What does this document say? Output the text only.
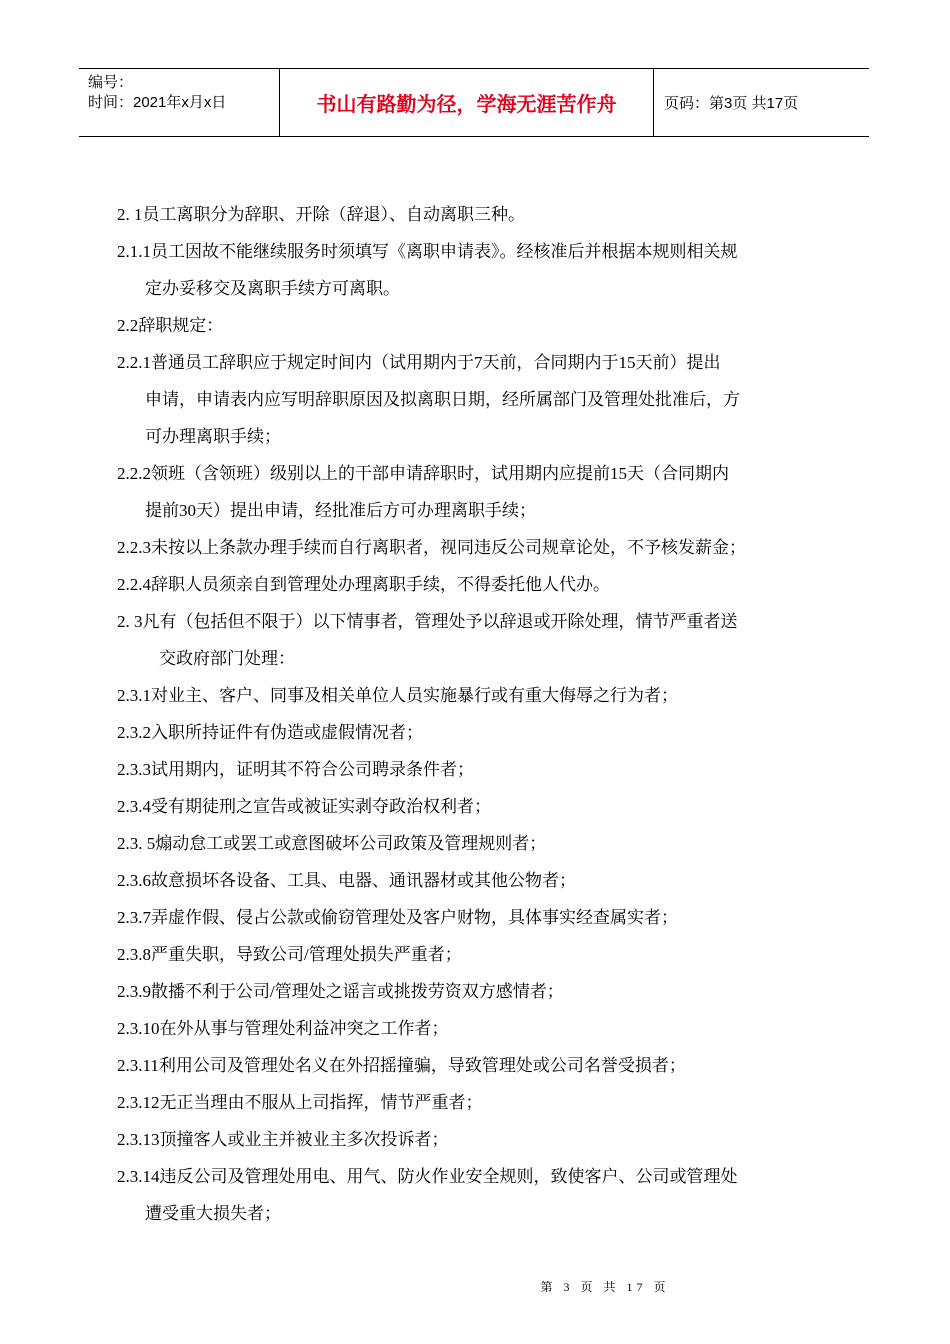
编号：
时间：2021年x月x日	书山有路勤为径，学海无涯苦作舟	页码：第3页 共17页
2. 1员工离职分为辞职、开除（辞退）、自动离职三种。
2.1.1员工因故不能继续服务时须填写《离职申请表》。经核准后并根据本规则相关规
定办妥移交及离职手续方可离职。
2.2辞职规定：
2.2.1普通员工辞职应于规定时间内（试用期内于7天前，合同期内于15天前）提出
申请，申请表内应写明辞职原因及拟离职日期，经所属部门及管理处批准后，方
可办理离职手续；
2.2.2领班（含领班）级别以上的干部申请辞职时，试用期内应提前15天（合同期内
提前30天）提出申请，经批准后方可办理离职手续；
2.2.3未按以上条款办理手续而自行离职者，视同违反公司规章论处，不予核发薪金；
2.2.4辞职人员须亲自到管理处办理离职手续，不得委托他人代办。
2. 3凡有（包括但不限于）以下情事者，管理处予以辞退或开除处理，情节严重者送
交政府部门处理：
2.3.1对业主、客户、同事及相关单位人员实施暴行或有重大侮辱之行为者；
2.3.2入职所持证件有伪造或虚假情况者；
2.3.3试用期内，证明其不符合公司聘录条件者；
2.3.4受有期徒刑之宣告或被证实剥夺政治权利者；
2.3. 5煽动怠工或罢工或意图破坏公司政策及管理规则者；
2.3.6故意损坏各设备、工具、电器、通讯器材或其他公物者；
2.3.7弄虚作假、侵占公款或偷窃管理处及客户财物，具体事实经查属实者；
2.3.8严重失职，导致公司/管理处损失严重者；
2.3.9散播不利于公司/管理处之谣言或挑拨劳资双方感情者；
2.3.10在外从事与管理处利益冲突之工作者；
2.3.11利用公司及管理处名义在外招摇撞骗，导致管理处或公司名誉受损者；
2.3.12无正当理由不服从上司指挥，情节严重者；
2.3.13顶撞客人或业主并被业主多次投诉者；
2.3.14违反公司及管理处用电、用气、防火作业安全规则，致使客户、公司或管理处
遭受重大损失者；
第 3 页 共 17 页
